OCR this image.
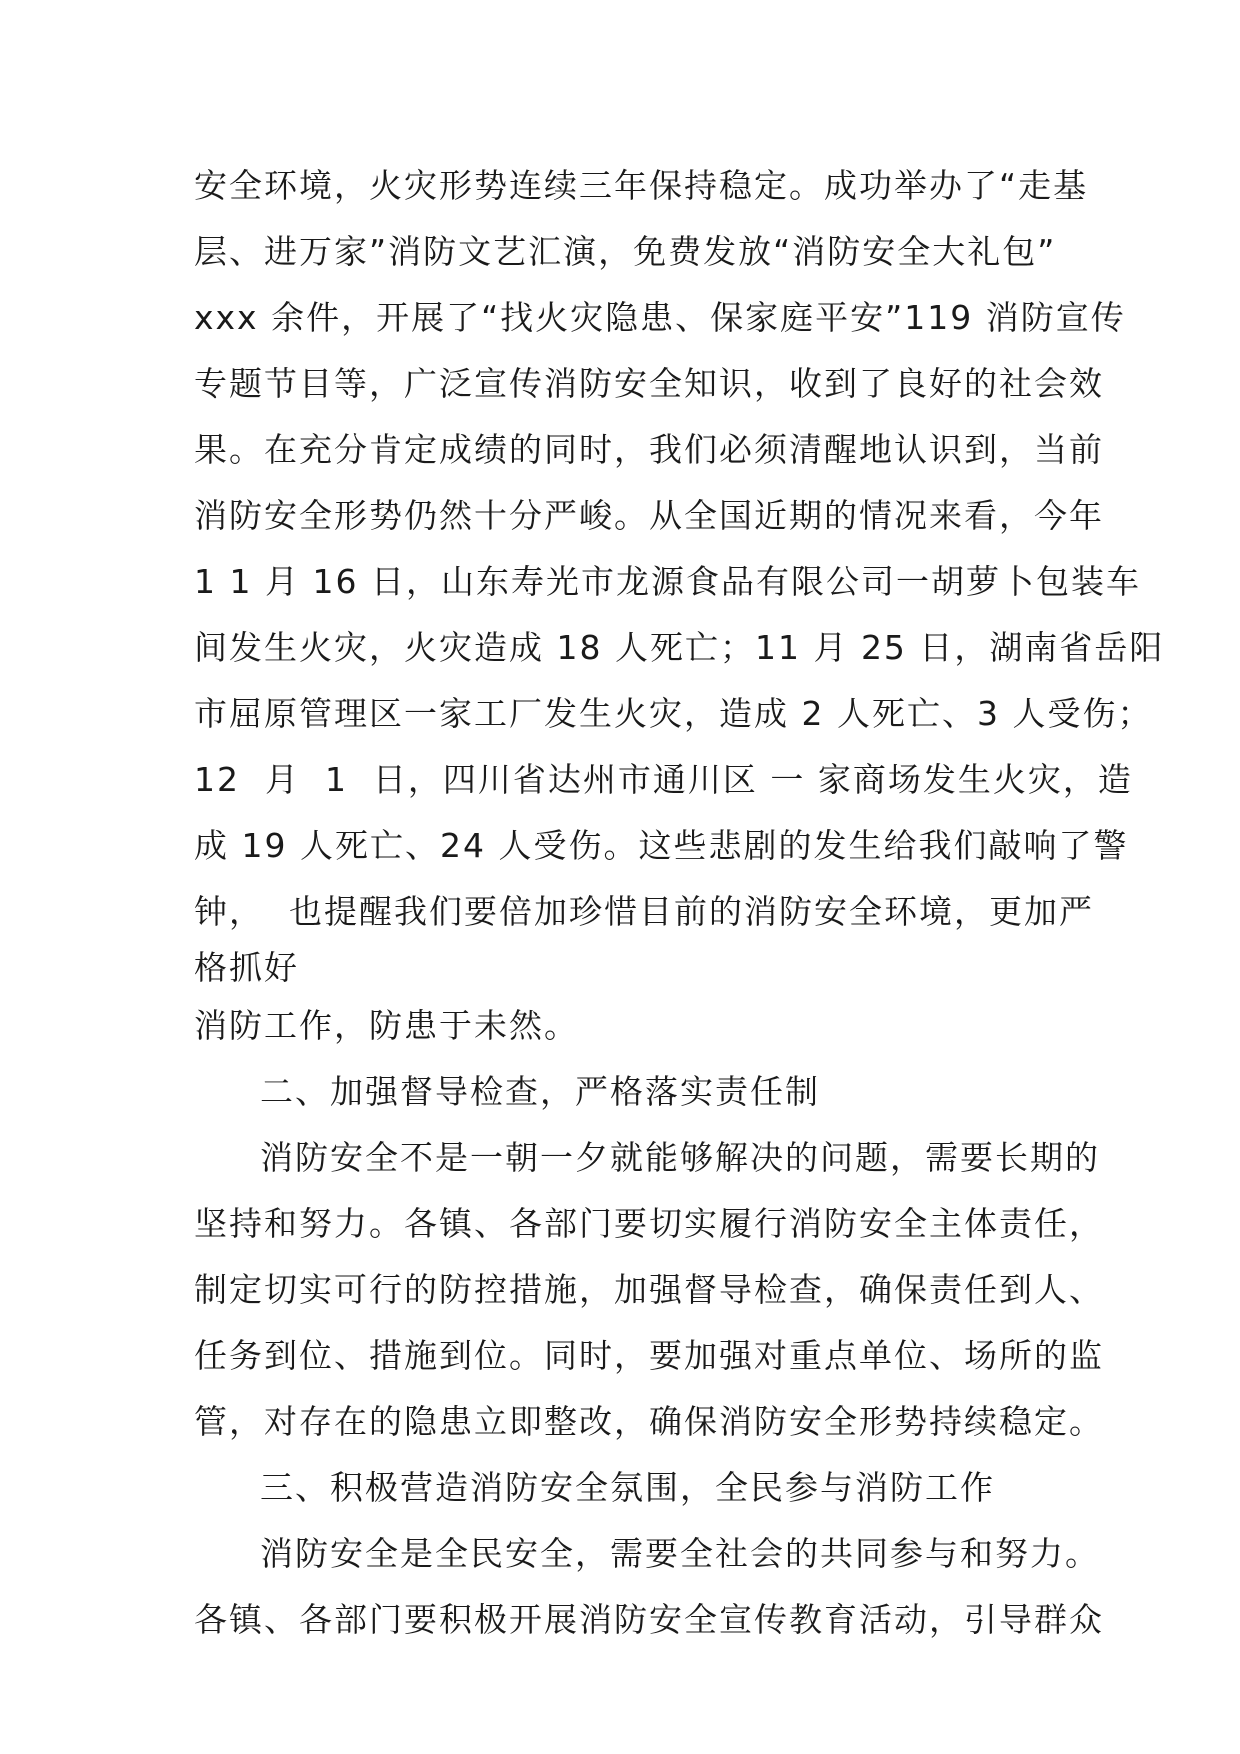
安全环境，火灾形势连续三年保持稳定。成功举办了“走基
层、进万家”消防文艺汇演，免费发放“消防安全大礼包”
xxx 余件，开展了“找火灾隐患、保家庭平安”119 消防宣传
专题节目等，广泛宣传消防安全知识，收到了良好的社会效
果。在充分肯定成绩的同时，我们必须清醒地认识到，当前
消防安全形势仍然十分严峻。从全国近期的情况来看，今年
1 1 月 16 日，山东寿光市龙源食品有限公司一胡萝卜包装车
间发生火灾，火灾造成 18 人死亡；11 月 25 日，湖南省岳阳
市屈原管理区一家工厂发生火灾，造成 2 人死亡、3 人受伤；
12  月  1  日，四川省达州市通川区 一 家商场发生火灾，造
成 19 人死亡、24 人受伤。这些悲剧的发生给我们敲响了警
钟，  也提醒我们要倍加珍惜目前的消防安全环境，更加严
格抓好
消防工作，防患于未然。
二、加强督导检查，严格落实责任制
消防安全不是一朝一夕就能够解决的问题，需要长期的
坚持和努力。各镇、各部门要切实履行消防安全主体责任，
制定切实可行的防控措施，加强督导检查，确保责任到人、
任务到位、措施到位。同时，要加强对重点单位、场所的监
管，对存在的隐患立即整改，确保消防安全形势持续稳定。
三、积极营造消防安全氛围，全民参与消防工作
消防安全是全民安全，需要全社会的共同参与和努力。
各镇、各部门要积极开展消防安全宣传教育活动，引导群众
